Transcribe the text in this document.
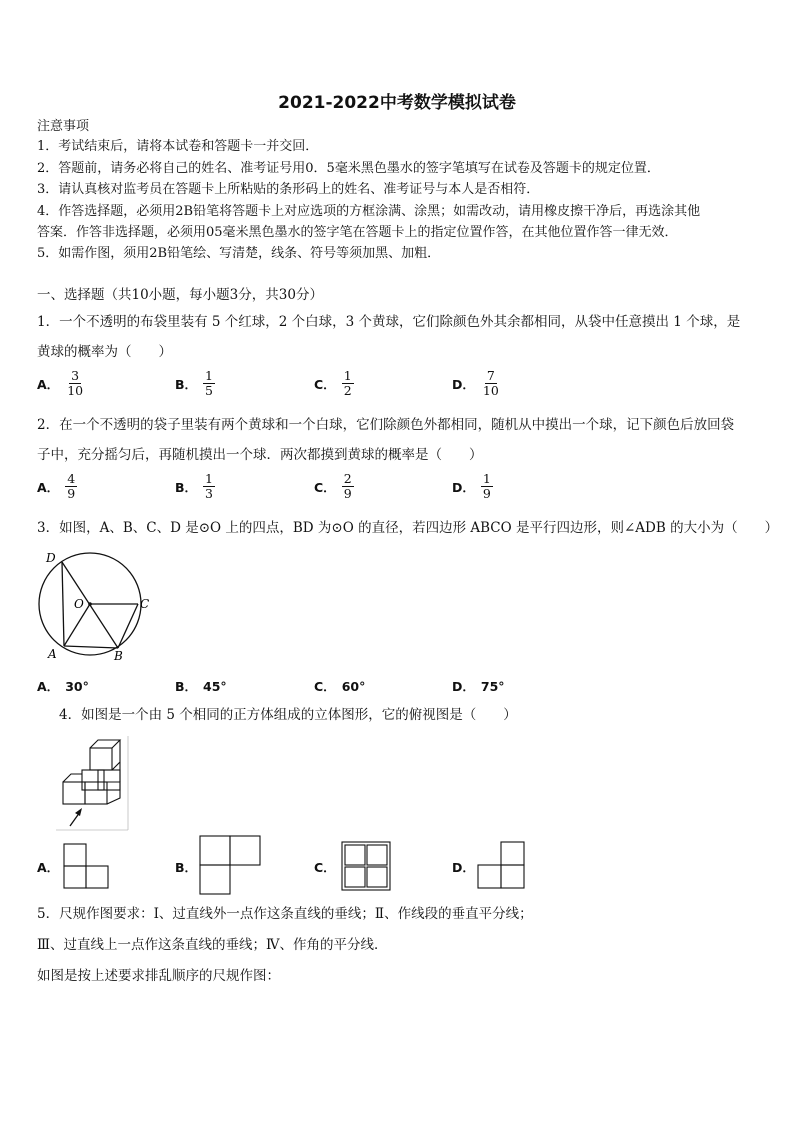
2021-2022中考数学模拟试卷
注意事项
1．考试结束后，请将本试卷和答题卡一并交回．
2．答题前，请务必将自己的姓名、准考证号用0．5毫米黑色墨水的签字笔填写在试卷及答题卡的规定位置．
3．请认真核对监考员在答题卡上所粘贴的条形码上的姓名、准考证号与本人是否相符．
4．作答选择题，必须用2B铅笔将答题卡上对应选项的方框涂满、涂黑；如需改动，请用橡皮擦干净后，再选涂其他
答案．作答非选择题，必须用05毫米黑色墨水的签字笔在答题卡上的指定位置作答，在其他位置作答一律无效．
5．如需作图，须用2B铅笔绘、写清楚，线条、符号等须加黑、加粗．
一、选择题（共10小题，每小题3分，共30分）
1．一个不透明的布袋里装有 5 个红球，2 个白球，3 个黄球，它们除颜色外其余都相同，从袋中任意摸出 1 个球，是
黄球的概率为（　　）
A． $\frac{3}{10}$	B． $\frac{1}{5}$	C． $\frac{1}{2}$	D． $\frac{7}{10}$
2．在一个不透明的袋子里装有两个黄球和一个白球，它们除颜色外都相同，随机从中摸出一个球，记下颜色后放回袋
子中，充分摇匀后，再随机摸出一个球．两次都摸到黄球的概率是（　　）
A． $\frac{4}{9}$	B． $\frac{1}{3}$	C． $\frac{2}{9}$	D． $\frac{1}{9}$
3．如图，A、B、C、D 是⊙O 上的四点，BD 为⊙O 的直径，若四边形 ABCO 是平行四边形，则∠ADB 的大小为（　　）
D
O	C
A	B
A． 30°	B． 45°	C． 60°	D． 75°
4．如图是一个由 5 个相同的正方体组成的立体图形，它的俯视图是（　　）
A．	B．	C．	D．
5．尺规作图要求：Ⅰ、过直线外一点作这条直线的垂线；Ⅱ、作线段的垂直平分线；
Ⅲ、过直线上一点作这条直线的垂线；Ⅳ、作角的平分线．
如图是按上述要求排乱顺序的尺规作图：
